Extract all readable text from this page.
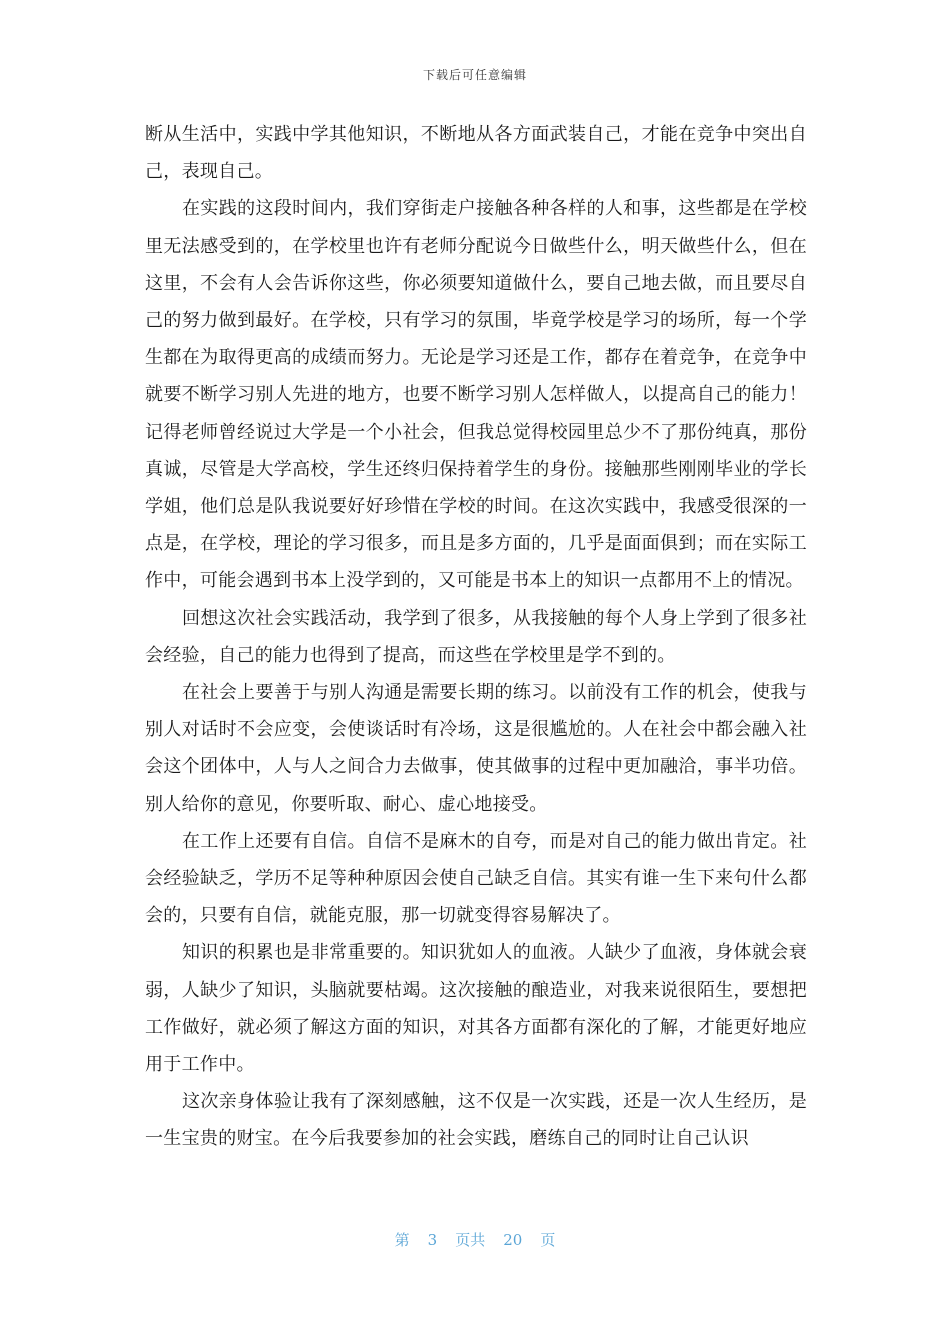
下载后可任意编辑

断从生活中，实践中学其他知识，不断地从各方面武装自己，才能在竞争中突出自己，表现自己。

在实践的这段时间内，我们穿街走户接触各种各样的人和事，这些都是在学校里无法感受到的，在学校里也许有老师分配说今日做些什么，明天做些什么，但在这里，不会有人会告诉你这些，你必须要知道做什么，要自己地去做，而且要尽自己的努力做到最好。在学校，只有学习的氛围，毕竟学校是学习的场所，每一个学生都在为取得更高的成绩而努力。无论是学习还是工作，都存在着竞争，在竞争中就要不断学习别人先进的地方，也要不断学习别人怎样做人，以提高自己的能力！记得老师曾经说过大学是一个小社会，但我总觉得校园里总少不了那份纯真，那份真诚，尽管是大学高校，学生还终归保持着学生的身份。接触那些刚刚毕业的学长学姐，他们总是队我说要好好珍惜在学校的时间。在这次实践中，我感受很深的一点是，在学校，理论的学习很多，而且是多方面的，几乎是面面俱到；而在实际工作中，可能会遇到书本上没学到的，又可能是书本上的知识一点都用不上的情况。

回想这次社会实践活动，我学到了很多，从我接触的每个人身上学到了很多社会经验，自己的能力也得到了提高，而这些在学校里是学不到的。

在社会上要善于与别人沟通是需要长期的练习。以前没有工作的机会，使我与别人对话时不会应变，会使谈话时有冷场，这是很尴尬的。人在社会中都会融入社会这个团体中，人与人之间合力去做事，使其做事的过程中更加融洽，事半功倍。别人给你的意见，你要听取、耐心、虚心地接受。

在工作上还要有自信。自信不是麻木的自夸，而是对自己的能力做出肯定。社会经验缺乏，学历不足等种种原因会使自己缺乏自信。其实有谁一生下来句什么都会的，只要有自信，就能克服，那一切就变得容易解决了。

知识的积累也是非常重要的。知识犹如人的血液。人缺少了血液，身体就会衰弱，人缺少了知识，头脑就要枯竭。这次接触的酿造业，对我来说很陌生，要想把工作做好，就必须了解这方面的知识，对其各方面都有深化的了解，才能更好地应用于工作中。

这次亲身体验让我有了深刻感触，这不仅是一次实践，还是一次人生经历，是一生宝贵的财宝。在今后我要参加的社会实践，磨练自己的同时让自己认识

第 3 页共 20 页
